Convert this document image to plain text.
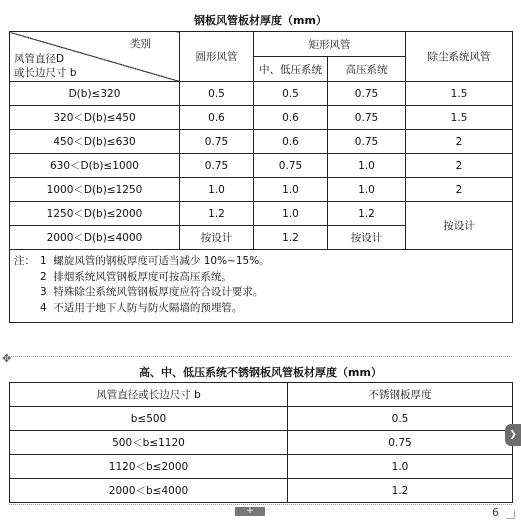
钢板风管板材厚度（mm）
类别
风管直径D
或长边尺寸 b	圆形风管	矩形风管		除尘系统风管
		中、低压系统	高压系统	
D(b)≤320	0.5	0.5	0.75	1.5
320＜D(b)≤450	0.6	0.6	0.75	1.5
450＜D(b)≤630	0.75	0.6	0.75	2
630＜D(b)≤1000	0.75	0.75	1.0	2
1000＜D(b)≤1250	1.0	1.0	1.0	2
1250＜D(b)≤2000	1.2	1.0	1.2	按设计
2000＜D(b)≤4000	按设计	1.2	按设计	

注： 1 螺旋风管的钢板厚度可适当减少 10%~15%。
2 排烟系统风管钢板厚度可按高压系统。
3 特殊除尘系统风管钢板厚度应符合设计要求。
4 不适用于地下人防与防火隔墙的预埋管。				
✥
高、中、低压系统不锈钢板风管板材厚度（mm）
风管直径或长边尺寸 b	不锈钢板厚度
b≤500	0.5
500＜b≤1120	0.75
1120＜b≤2000	1.0
2000＜b≤4000	1.2
❯
+	6
